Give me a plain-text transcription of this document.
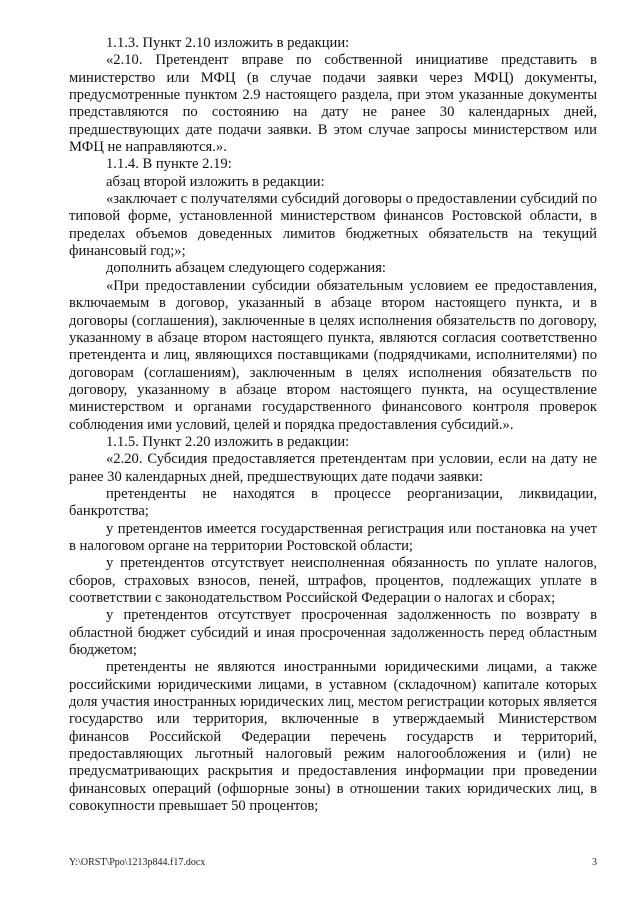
1.1.3. Пункт 2.10 изложить в редакции:

«2.10. Претендент вправе по собственной инициативе представить в министерство или МФЦ (в случае подачи заявки через МФЦ) документы, предусмотренные пунктом 2.9 настоящего раздела, при этом указанные документы представляются по состоянию на дату не ранее 30 календарных дней, предшествующих дате подачи заявки. В этом случае запросы министерством или МФЦ не направляются.».

1.1.4. В пункте 2.19:

абзац второй изложить в редакции:

«заключает с получателями субсидий договоры о предоставлении субсидий по типовой форме, установленной министерством финансов Ростовской области, в пределах объемов доведенных лимитов бюджетных обязательств на текущий финансовый год;»;

дополнить абзацем следующего содержания:

«При предоставлении субсидии обязательным условием ее предоставления, включаемым в договор, указанный в абзаце втором настоящего пункта, и в договоры (соглашения), заключенные в целях исполнения обязательств по договору, указанному в абзаце втором настоящего пункта, являются согласия соответственно претендента и лиц, являющихся поставщиками (подрядчиками, исполнителями) по договорам (соглашениям), заключенным в целях исполнения обязательств по договору, указанному в абзаце втором настоящего пункта, на осуществление министерством и органами государственного финансового контроля проверок соблюдения ими условий, целей и порядка предоставления субсидий.».

1.1.5. Пункт 2.20 изложить в редакции:

«2.20. Субсидия предоставляется претендентам при условии, если на дату не ранее 30 календарных дней, предшествующих дате подачи заявки:

претенденты не находятся в процессе реорганизации, ликвидации, банкротства;

у претендентов имеется государственная регистрация или постановка на учет в налоговом органе на территории Ростовской области;

у претендентов отсутствует неисполненная обязанность по уплате налогов, сборов, страховых взносов, пеней, штрафов, процентов, подлежащих уплате в соответствии с законодательством Российской Федерации о налогах и сборах;

у претендентов отсутствует просроченная задолженность по возврату в областной бюджет субсидий и иная просроченная задолженность перед областным бюджетом;

претенденты не являются иностранными юридическими лицами, а также российскими юридическими лицами, в уставном (складочном) капитале которых доля участия иностранных юридических лиц, местом регистрации которых является государство или территория, включенные в утверждаемый Министерством финансов Российской Федерации перечень государств и территорий, предоставляющих льготный налоговый режим налогообложения и (или) не предусматривающих раскрытия и предоставления информации при проведении финансовых операций (офшорные зоны) в отношении таких юридических лиц, в совокупности превышает 50 процентов;

Y:\ORST\Ppo\1213p844.f17.docx	3
